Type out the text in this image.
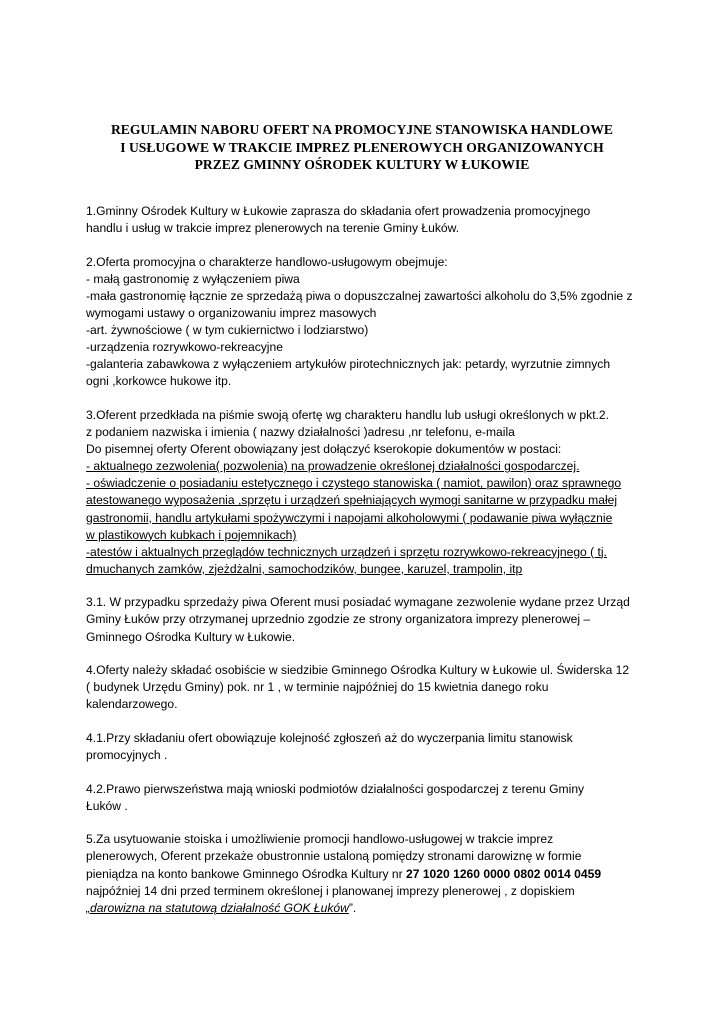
REGULAMIN NABORU OFERT NA PROMOCYJNE STANOWISKA HANDLOWE
I USŁUGOWE W TRAKCIE IMPREZ PLENEROWYCH ORGANIZOWANYCH
PRZEZ GMINNY OŚRODEK KULTURY W ŁUKOWIE

1.Gminny Ośrodek Kultury w Łukowie zaprasza do składania ofert prowadzenia promocyjnego
handlu i usług w trakcie imprez plenerowych na terenie Gminy Łuków.

2.Oferta promocyjna o charakterze handlowo-usługowym obejmuje:
- małą gastronomię z wyłączeniem piwa
-mała gastronomię łącznie ze sprzedażą piwa o dopuszczalnej zawartości alkoholu do 3,5% zgodnie z
wymogami ustawy o organizowaniu imprez masowych
-art. żywnościowe ( w tym cukiernictwo i lodziarstwo)
-urządzenia rozrywkowo-rekreacyjne
-galanteria zabawkowa z wyłączeniem artykułów pirotechnicznych jak: petardy, wyrzutnie zimnych
ogni ,korkowce hukowe itp.

3.Oferent przedkłada na piśmie swoją ofertę wg charakteru handlu lub usługi określonych w pkt.2.
z podaniem nazwiska i imienia ( nazwy działalności )adresu ,nr telefonu, e-maila
Do pisemnej oferty Oferent obowiązany jest dołączyć kserokopie dokumentów w postaci:
- aktualnego zezwolenia( pozwolenia) na prowadzenie określonej działalności gospodarczej.
- oświadczenie o posiadaniu estetycznego i czystego stanowiska ( namiot, pawilon) oraz sprawnego
atestowanego wyposażenia ,sprzętu i urządzeń spełniających wymogi sanitarne w przypadku małej
gastronomii, handlu artykułami spożywczymi i napojami alkoholowymi ( podawanie piwa wyłącznie
w plastikowych kubkach i pojemnikach)
-atestów i aktualnych przeglądów technicznych urządzeń i sprzętu rozrywkowo-rekreacyjnego ( tj.
dmuchanych zamków, zjeżdżalni, samochodzików, bungee, karuzel, trampolin, itp

3.1. W przypadku sprzedaży piwa Oferent musi posiadać wymagane zezwolenie wydane przez Urząd
Gminy Łuków przy otrzymanej uprzednio zgodzie ze strony organizatora imprezy plenerowej –
Gminnego Ośrodka Kultury w Łukowie.

4.Oferty należy składać osobiście w siedzibie Gminnego Ośrodka Kultury w Łukowie ul. Świderska 12
( budynek Urzędu Gminy) pok. nr 1 , w terminie najpóźniej do 15 kwietnia danego roku
kalendarzowego.

4.1.Przy składaniu ofert obowiązuje kolejność zgłoszeń aż do wyczerpania limitu stanowisk
promocyjnych .

4.2.Prawo pierwszeństwa mają wnioski podmiotów działalności gospodarczej z terenu Gminy
Łuków .

5.Za usytuowanie stoiska i umożliwienie promocji handlowo-usługowej w trakcie imprez
plenerowych, Oferent przekaże obustronnie ustaloną pomiędzy stronami darowiznę w formie
pieniądza na konto bankowe Gminnego Ośrodka Kultury nr 27 1020 1260 0000 0802 0014 0459
najpóźniej 14 dni przed terminem określonej i planowanej imprezy plenerowej , z dopiskiem
„darowizna na statutową działalność GOK Łuków”.
